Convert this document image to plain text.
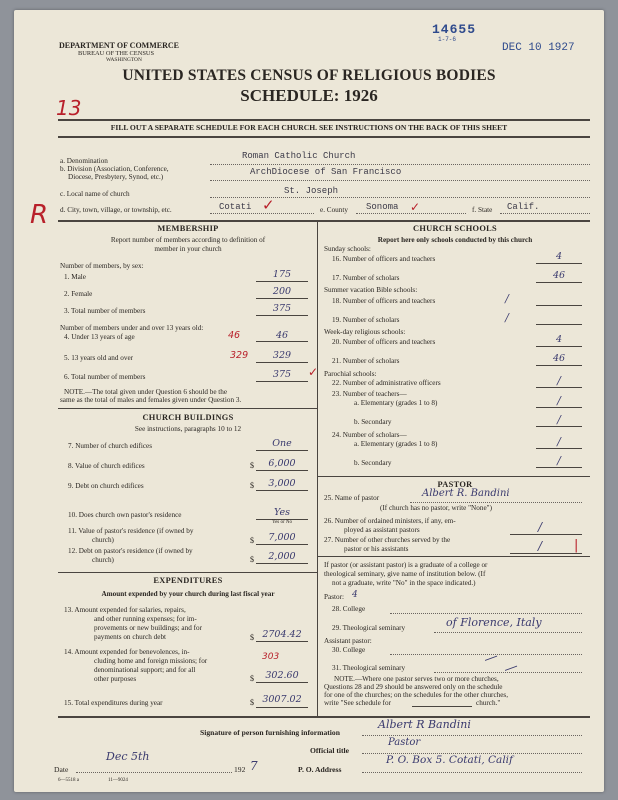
DEPARTMENT OF COMMERCE
BUREAU OF THE CENSUS
WASHINGTON
14655
1-7-6
DEC 10 1927
UNITED STATES CENSUS OF RELIGIOUS BODIES
SCHEDULE: 1926
13
R
FILL OUT A SEPARATE SCHEDULE FOR EACH CHURCH. SEE INSTRUCTIONS ON THE BACK OF THIS SHEET
a. Denomination	Roman Catholic Church
b. Division (Association, Conference,
Diocese, Presbytery, Synod, etc.)	ArchDiocese of San Francisco
c. Local name of church	St. Joseph
d. City, town, village, or township, etc.	Cotati ✓	e. County Sonoma ✓	f. State Calif.
MEMBERSHIP
Report number of members according to definition of
member in your church
Number of members, by sex:
1. Male	175
2. Female	200
3. Total number of members	375
Number of members under and over 13 years old:
4. Under 13 years of age	46	46
5. 13 years old and over	329	329
6. Total number of members	375	✓
NOTE.—The total given under Question 6 should be the
same as the total of males and females given under Question 3.
CHURCH BUILDINGS
See instructions, paragraphs 10 to 12
7. Number of church edifices	One
8. Value of church edifices	$	6,000
9. Debt on church edifices	$	3,000
10. Does church own pastor's residence	Yes
Yes or No
11. Value of pastor's residence (if owned by
church)	$	7,000
12. Debt on pastor's residence (if owned by
church)	$	2,000
EXPENDITURES
Amount expended by your church during last fiscal year
13. Amount expended for salaries, repairs,
and other running expenses; for im-
provements or new buildings; and for
payments on church debt	$ 2704.42
14. Amount expended for benevolences, in-
cluding home and foreign missions; for
denominational support; and for all
other purposes
303
$	302.60
15. Total expenditures during year	$ 3007.02
CHURCH SCHOOLS
Report here only schools conducted by this church
Sunday schools:
16. Number of officers and teachers	4
17. Number of scholars	46
Summer vacation Bible schools:
18. Number of officers and teachers	/
19. Number of scholars	/
Week-day religious schools:
20. Number of officers and teachers	4
21. Number of scholars	46
Parochial schools:
22. Number of administrative officers	/
23. Number of teachers—
a. Elementary (grades 1 to 8)	/
b. Secondary	/
24. Number of scholars—
a. Elementary (grades 1 to 8)	/
b. Secondary	/
PASTOR
25. Name of pastor	Albert R. Bandini
(If church has no pastor, write "None")
26. Number of ordained ministers, if any, em-
ployed as assistant pastors	/
27. Number of other churches served by the
pastor or his assistants	/ |
If pastor (or assistant pastor) is a graduate of a college or
theological seminary, give name of institution below. (If
not a graduate, write "No" in the space indicated.)
Pastor: 4
28. College
29. Theological seminary	of Florence, Italy
Assistant pastor:
30. College	—
31. Theological seminary	—
NOTE.—Where one pastor serves two or more churches,
Questions 28 and 29 should be answered only on the schedule
for one of the churches; on the schedules for the other churches,
write "See schedule for	church."
Signature of person furnishing information
Albert R Bandini
Official title
Pastor
Date
Dec 5th
192 7	P. O. Address
P. O. Box 5. Cotati, Calif
6—5518 a	11—9024
